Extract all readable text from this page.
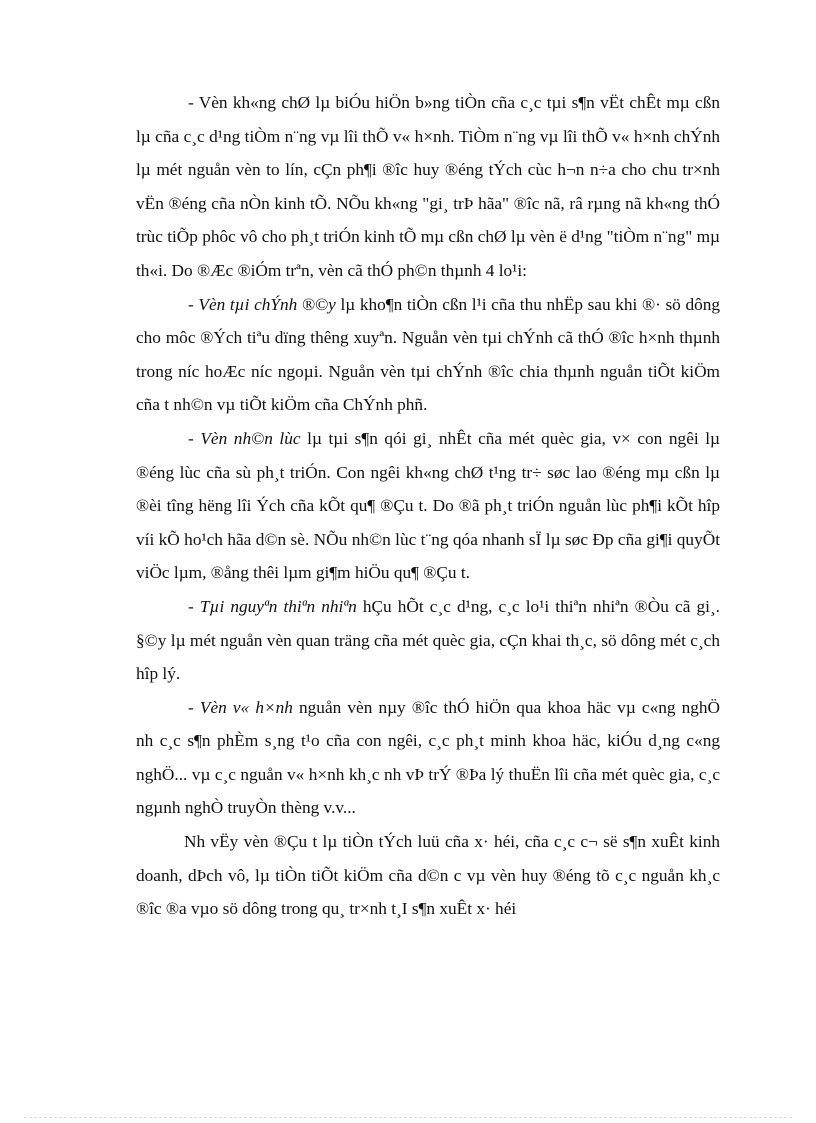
- Vèn kh«ng chØ lµ biÓu hiÖn b»ng tiÒn cña c¸c tµi s¶n vËt chÊt mµ cßn lµ cña c¸c d¹ng tiÒm n¨ng vµ lîi thÕ v« h×nh. TiÒm n¨ng vµ lîi thÕ v« h×nh chÝnh lµ mét nguån vèn to lín, cÇn ph¶i ®îc huy ®éng tÝch cùc h¬n n÷a cho chu tr×nh vËn ®éng cña nÒn kinh tÕ. NÕu kh«ng "gi¸ trÞ hãa" ®îc nã, râ rµng nã kh«ng thÓ trùc tiÕp phôc vô cho ph¸t triÓn kinh tÕ mµ cßn chØ lµ vèn ë d¹ng "tiÒm n¨ng" mµ th«i. Do ®Æc ®iÓm trªn, vèn cã thÓ ph©n thµnh 4 lo¹i:

- Vèn tµi chÝnh ®©y lµ kho¶n tiÒn cßn l¹i cña thu nhËp sau khi ®· sö dông cho môc ®Ých tiªu dïng thêng xuyªn. Nguån vèn tµi chÝnh cã thÓ ®îc h×nh thµnh trong níc hoÆc níc ngoµi. Nguån vèn tµi chÝnh ®îc chia thµnh nguån tiÕt kiÖm cña t nh©n vµ tiÕt kiÖm cña ChÝnh phñ.

- Vèn nh©n lùc lµ tµi s¶n qói gi¸ nhÊt cña mét quèc gia, v× con ngêi lµ ®éng lùc cña sù ph¸t triÓn. Con ngêi kh«ng chØ t¹ng tr÷ søc lao ®éng mµ cßn lµ ®èi tîng hëng lîi Ých cña kÕt qu¶ ®Çu t. Do ®ã ph¸t triÓn nguån lùc ph¶i kÕt hîp víi kÕ ho¹ch hãa d©n sè. NÕu nh©n lùc t¨ng qóa nhanh sÏ lµ søc Ðp cña gi¶i quyÕt viÖc lµm, ®ång thêi lµm gi¶m hiÖu qu¶ ®Çu t.

- Tµi nguyªn thiªn nhiªn hÇu hÕt c¸c d¹ng, c¸c lo¹i thiªn nhiªn ®Òu cã gi¸. §©y lµ mét nguån vèn quan träng cña mét quèc gia, cÇn khai th¸c, sö dông mét c¸ch hîp lý.

- Vèn v« h×nh nguån vèn nµy ®îc thÓ hiÖn qua khoa häc vµ c«ng nghÖ nh c¸c s¶n phÈm s¸ng t¹o cña con ngêi, c¸c ph¸t minh khoa häc, kiÓu d¸ng c«ng nghÖ... vµ c¸c nguån v« h×nh kh¸c nh vÞ trÝ ®Þa lý thuËn lîi cña mét quèc gia, c¸c ngµnh nghÒ truyÒn thèng v.v...

Nh vËy vèn ®Çu t lµ tiÒn tÝch luü cña x· héi, cña c¸c c¬ së s¶n xuÊt kinh doanh, dÞch vô, lµ tiÒn tiÕt kiÖm cña d©n c vµ vèn huy ®éng tõ c¸c nguån kh¸c ®îc ®a vµo sö dông trong qu¸ tr×nh t¸I s¶n xuÊt x· héi
